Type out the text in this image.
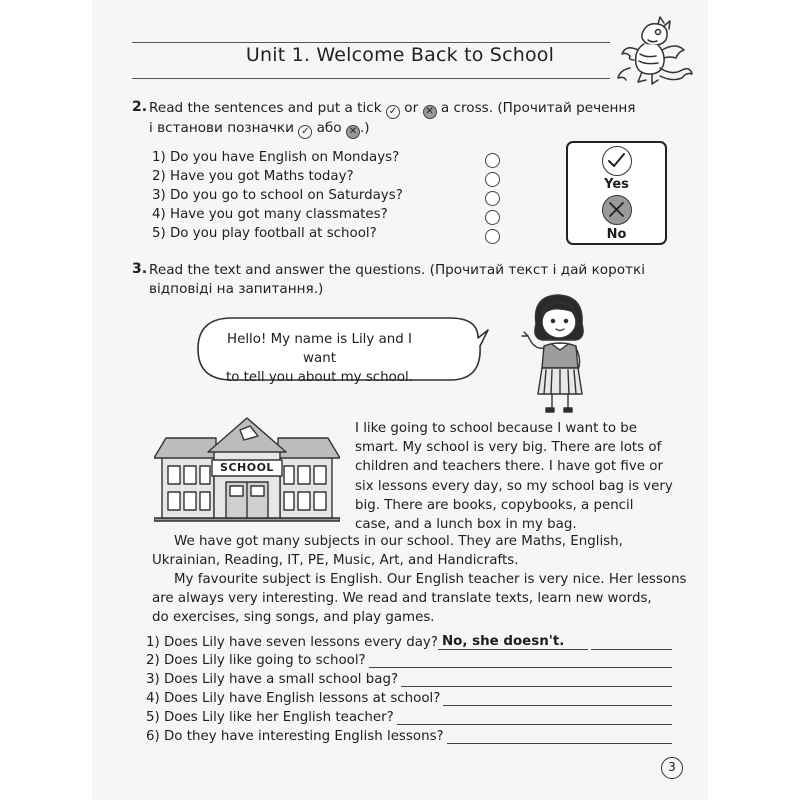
Unit 1. Welcome Back to School
2. Read the sentences and put a tick ✓ or ✕ a cross. (Прочитай речення
і встанови позначки ✓ або ✕ .)
1) Do you have English on Mondays?
2) Have you got Maths today?
3) Do you go to school on Saturdays?
4) Have you got many classmates?
5) Do you play football at school?
Yes
No
3. Read the text and answer the questions. (Прочитай текст і дай короткі
відповіді на запитання.)
Hello! My name is Lily and I want
to tell you about my school.
SCHOOL
I like going to school because I want to be
smart. My school is very big. There are lots of
children and teachers there. I have got five or
six lessons every day, so my school bag is very
big. There are books, copybooks, a pencil
case, and a lunch box in my bag.
We have got many subjects in our school. They are Maths, English,
Ukrainian, Reading, IT, PE, Music, Art, and Handicrafts.
My favourite subject is English. Our English teacher is very nice. Her lessons
are always very interesting. We read and translate texts, learn new words,
do exercises, sing songs, and play games.
1) Does Lily have seven lessons every day? No, she doesn't.
2) Does Lily like going to school?
3) Does Lily have a small school bag?
4) Does Lily have English lessons at school?
5) Does Lily like her English teacher?
6) Do they have interesting English lessons?
3
